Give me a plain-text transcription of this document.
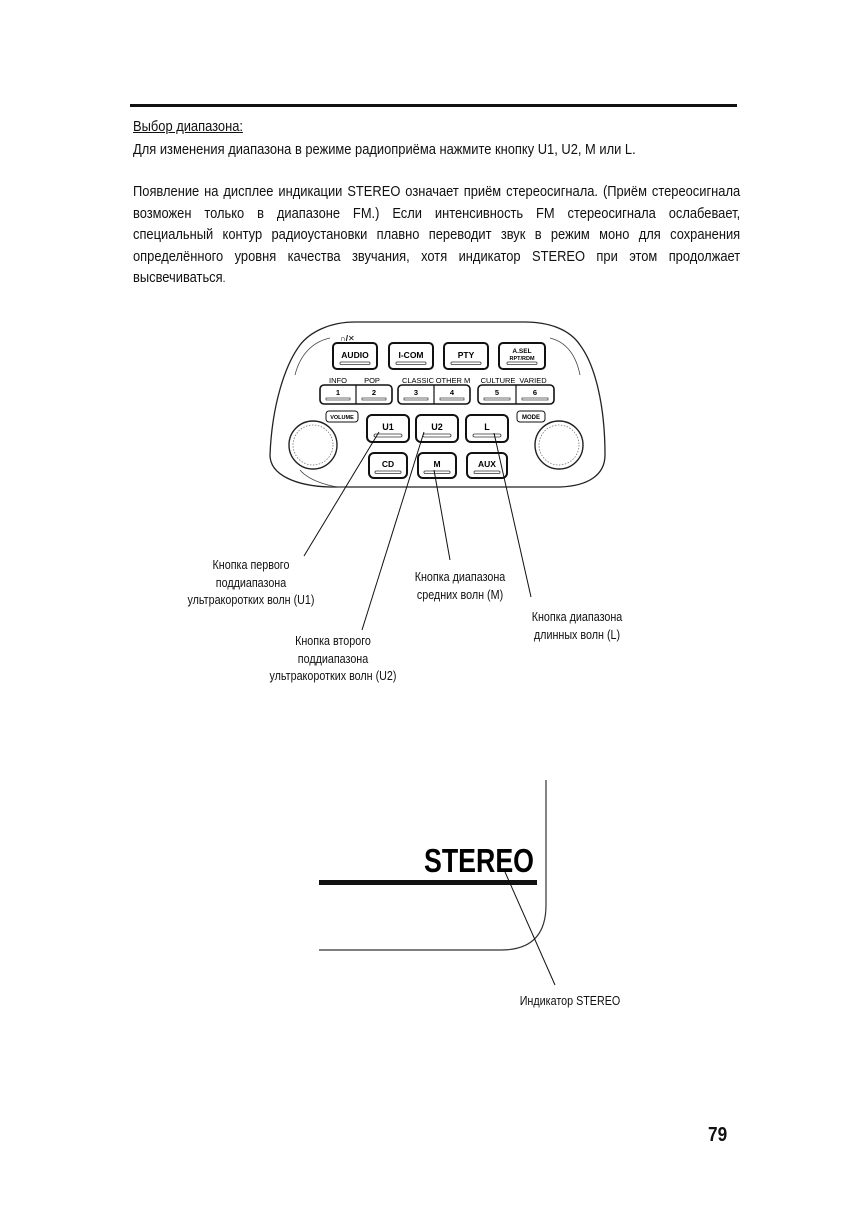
Выбор диапазона:

Для изменения диапазона в режиме радиоприёма нажмите кнопку U1, U2, M или L.

Появление на дисплее индикации STEREO означает приём стереосигнала. (Приём стереосигнала возможен только в диапазоне FM.) Если интенсивность FM стереосигнала ослабевает, специальный контур радиоустановки плавно переводит звук в режим моно для сохранения определённого уровня качества звучания, хотя индикатор STEREO при этом продолжает высвечиваться.

∩/✕
AUDIO	I-COM	PTY	A.SEL
RPT/RDM
INFO POP	CLASSIC OTHER M CULTURE VARIED
1	2	3	4	5	6
VOLUME	MODE
U1	U2	L
CD	M	AUX
STEREO
Кнопка первого
поддиапазона
ультракоротких волн (U1)
Кнопка диапазона
средних волн (M)
Кнопка диапазона
длинных волн (L)
Кнопка второго
поддиапазона
ультракоротких волн (U2)
Индикатор STEREO
79
